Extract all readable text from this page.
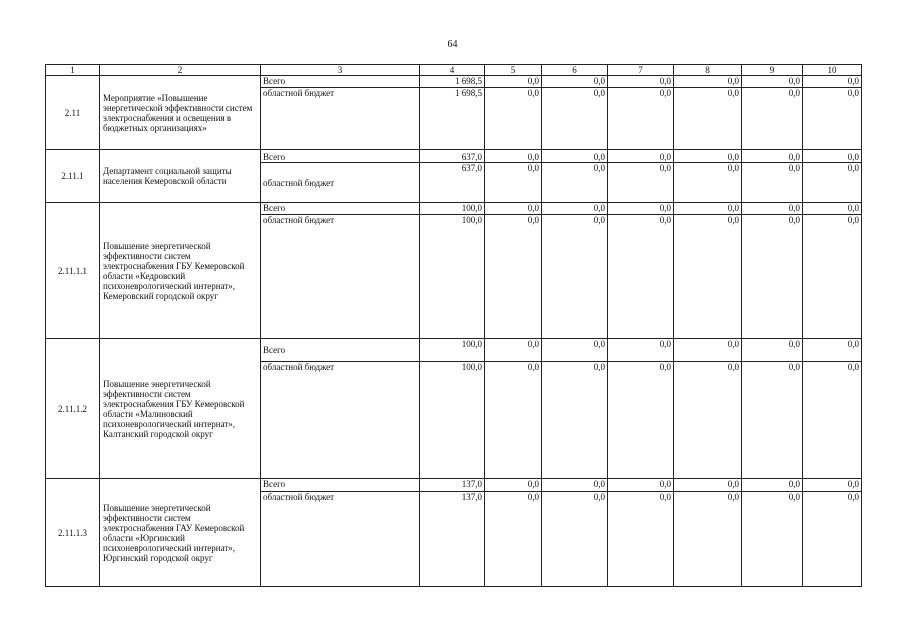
64
1	2	3	4	5	6	7	8	9	10
2.11	Мероприятие «Повышение энергетической эффективности систем электроснабжения и освещения в бюджетных организациях»	Всего	1 698,5	0,0	0,0	0,0	0,0	0,0	0,0
		областной бюджет	1 698,5	0,0	0,0	0,0	0,0	0,0	0,0
2.11.1	Департамент социальной защиты населения Кемеровской области	Всего	637,0	0,0	0,0	0,0	0,0	0,0	0,0
		областной бюджет	637,0	0,0	0,0	0,0	0,0	0,0	0,0
2.11.1.1	Повышение энергетической эффективности систем электроснабжения ГБУ Кемеровской области «Кедровский психоневрологический интернат», Кемеровский городской округ	Всего	100,0	0,0	0,0	0,0	0,0	0,0	0,0
		областной бюджет	100,0	0,0	0,0	0,0	0,0	0,0	0,0
2.11.1.2	Повышение энергетической эффективности систем электроснабжения ГБУ Кемеровской области «Малиновский психоневрологический интернат», Калтанский городской округ	Всего	100,0	0,0	0,0	0,0	0,0	0,0	0,0
		областной бюджет	100,0	0,0	0,0	0,0	0,0	0,0	0,0
2.11.1.3	Повышение энергетической эффективности систем электроснабжения ГАУ Кемеровской области «Юргинский психоневрологический интернат», Юргинский городской округ	Всего	137,0	0,0	0,0	0,0	0,0	0,0	0,0
		областной бюджет	137,0	0,0	0,0	0,0	0,0	0,0	0,0
